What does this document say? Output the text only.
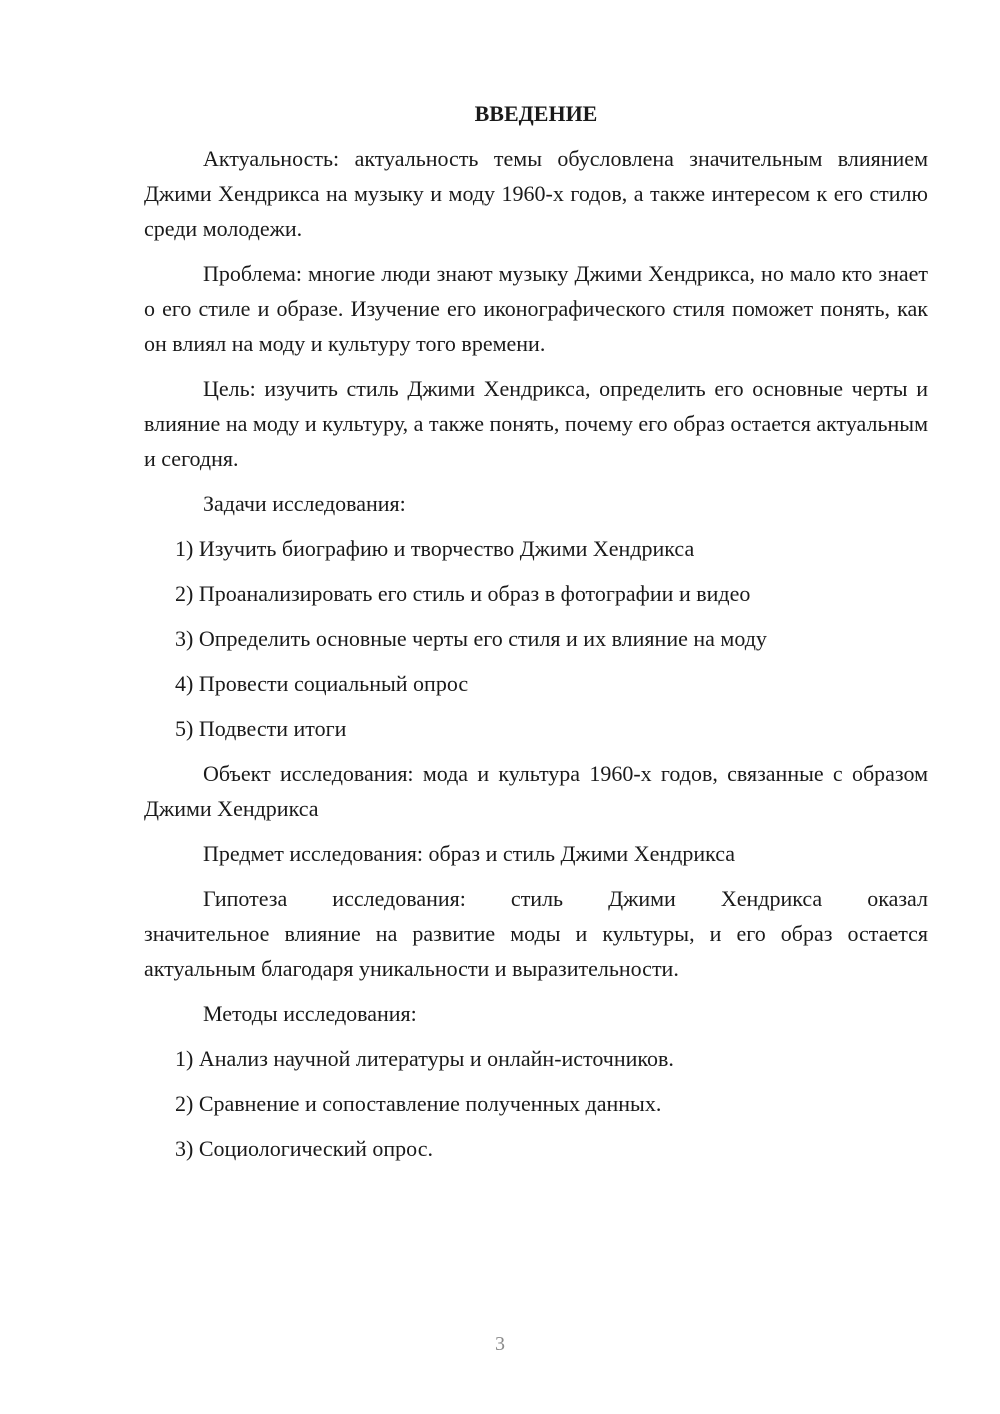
ВВЕДЕНИЕ

Актуальность: актуальность темы обусловлена значительным влиянием Джими Хендрикса на музыку и моду 1960-х годов, а также интересом к его стилю среди молодежи.

Проблема: многие люди знают музыку Джими Хендрикса, но мало кто знает о его стиле и образе. Изучение его иконографического стиля поможет понять, как он влиял на моду и культуру того времени.

Цель: изучить стиль Джими Хендрикса, определить его основные черты и влияние на моду и культуру, а также понять, почему его образ остается актуальным и сегодня.

Задачи исследования:

1) Изучить биографию и творчество Джими Хендрикса

2) Проанализировать его стиль и образ в фотографии и видео

3) Определить основные черты его стиля и их влияние на моду

4) Провести социальный опрос

5) Подвести итоги

Объект исследования: мода и культура 1960-х годов, связанные с образом Джими Хендрикса

Предмет исследования: образ и стиль Джими Хендрикса

Гипотеза исследования: стиль Джими Хендрикса оказал
значительное влияние на развитие моды и культуры, и его образ остается актуальным благодаря уникальности и выразительности.

Методы исследования:

1) Анализ научной литературы и онлайн-источников.

2) Сравнение и сопоставление полученных данных.

3) Социологический опрос.

3
